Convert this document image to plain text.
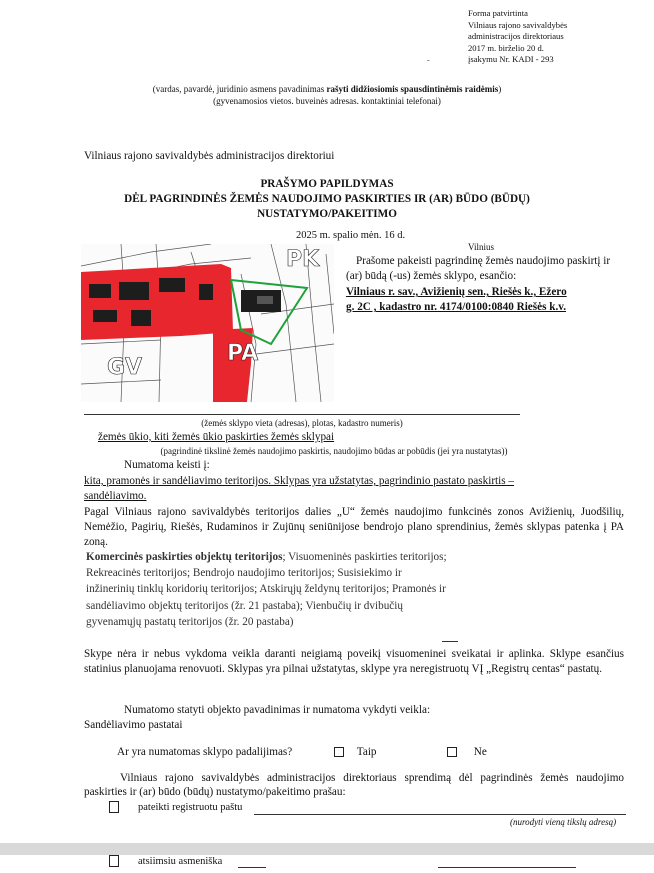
Forma patvirtinta
Vilniaus rajono savivaldybės
administracijos direktoriaus
2017 m. birželio 20 d.
įsakymu Nr. KADI - 293
ˉ
(vardas, pavardė, juridinio asmens pavadinimas rašyti didžiosiomis spausdintinėmis raidėmis)
(gyvenamosios vietos. buveinės adresas. kontaktiniai telefonai)
Vilniaus rajono savivaldybės administracijos direktoriui
PRAŠYMO PAPILDYMAS
DĖL PAGRINDINĖS ŽEMĖS NAUDOJIMO PASKIRTIES IR (AR) BŪDO (BŪDŲ)
NUSTATYMO/PAKEITIMO
2025 m. spalio mėn. 16 d.
Vilnius
PK
GV
PA
Prašome pakeisti pagrindinę žemės naudojimo paskirtį ir (ar) būdą (-us) žemės sklypo, esančio:
Vilniaus r. sav., Avižienių sen., Riešės k., Ežero
g. 2C , kadastro nr. 4174/0100:0840 Riešės k.v.
(žemės sklypo vieta (adresas), plotas, kadastro numeris)
žemės ūkio, kiti žemės ūkio paskirties žemės sklypai
(pagrindinė tikslinė žemės naudojimo paskirtis, naudojimo būdas ar pobūdis (jei yra nustatytas))
Numatoma keisti į:
kita, pramonės ir sandėliavimo teritorijos. Sklypas yra užstatytas, pagrindinio pastato paskirtis –
sandėliavimo.
Pagal Vilniaus rajono savivaldybės teritorijos dalies „U“ žemės naudojimo funkcinės zonos Avižienių, Juodšilių, Nemėžio, Pagirių, Riešės, Rudaminos ir Zujūnų seniūnijose bendrojo plano sprendinius, žemės sklypas patenka į PA zoną.
Komercinės paskirties objektų teritorijos; Visuomeninės paskirties teritorijos; Rekreacinės teritorijos; Bendrojo naudojimo teritorijos; Susisiekimo ir inžinerinių tinklų koridorių teritorijos; Atskirųjų želdynų teritorijos; Pramonės ir sandėliavimo objektų teritorijos (žr. 21 pastaba); Vienbučių ir dvibučių gyvenamųjų pastatų teritorijos (žr. 20 pastaba)
Skype nėra ir nebus vykdoma veikla daranti neigiamą poveikį visuomeninei sveikatai ir aplinka. Sklype esančius statinius planuojama renovuoti. Sklypas yra pilnai užstatytas, sklype yra neregistruotų VĮ „Registrų centas“ pastatų.
Numatomo statyti objekto pavadinimas ir numatoma vykdyti veikla:
Sandėliavimo pastatai
Ar yra numatomas sklypo padalijimas?	Taip	Ne
Vilniaus rajono savivaldybės administracijos direktoriaus sprendimą dėl pagrindinės žemės naudojimo paskirties ir (ar) būdo (būdų) nustatymo/pakeitimo prašau:
pateikti registruotu paštu
(nurodyti vieną tikslų adresą)
atsiimsiu asmeniška
